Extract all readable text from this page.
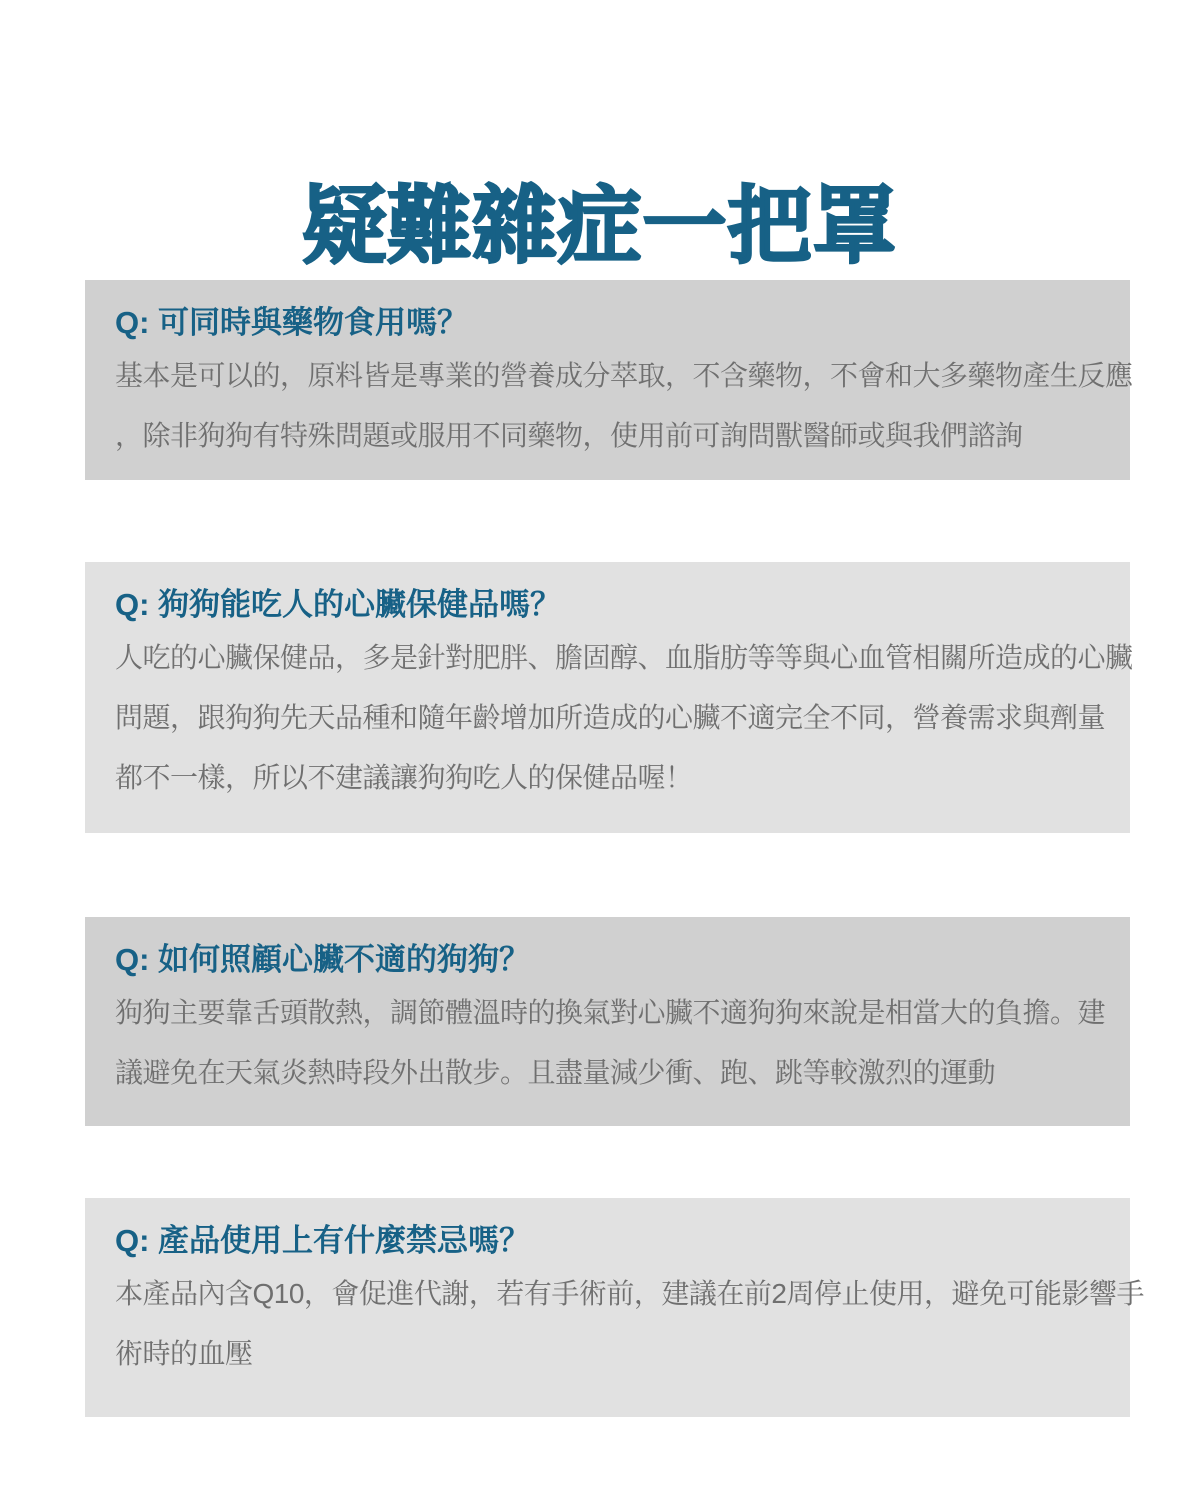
疑難雜症一把罩
Q: 可同時與藥物食用嗎？
基本是可以的，原料皆是專業的營養成分萃取，不含藥物，不會和大多藥物產生反應
，除非狗狗有特殊問題或服用不同藥物，使用前可詢問獸醫師或與我們諮詢
Q: 狗狗能吃人的心臟保健品嗎？
人吃的心臟保健品，多是針對肥胖、膽固醇、血脂肪等等與心血管相關所造成的心臟
問題，跟狗狗先天品種和隨年齡增加所造成的心臟不適完全不同，營養需求與劑量
都不一樣，所以不建議讓狗狗吃人的保健品喔！
Q: 如何照顧心臟不適的狗狗？
狗狗主要靠舌頭散熱，調節體溫時的換氣對心臟不適狗狗來說是相當大的負擔。建
議避免在天氣炎熱時段外出散步。且盡量減少衝、跑、跳等較激烈的運動
Q: 產品使用上有什麼禁忌嗎？
本產品內含Q10，會促進代謝，若有手術前，建議在前2周停止使用，避免可能影響手
術時的血壓
